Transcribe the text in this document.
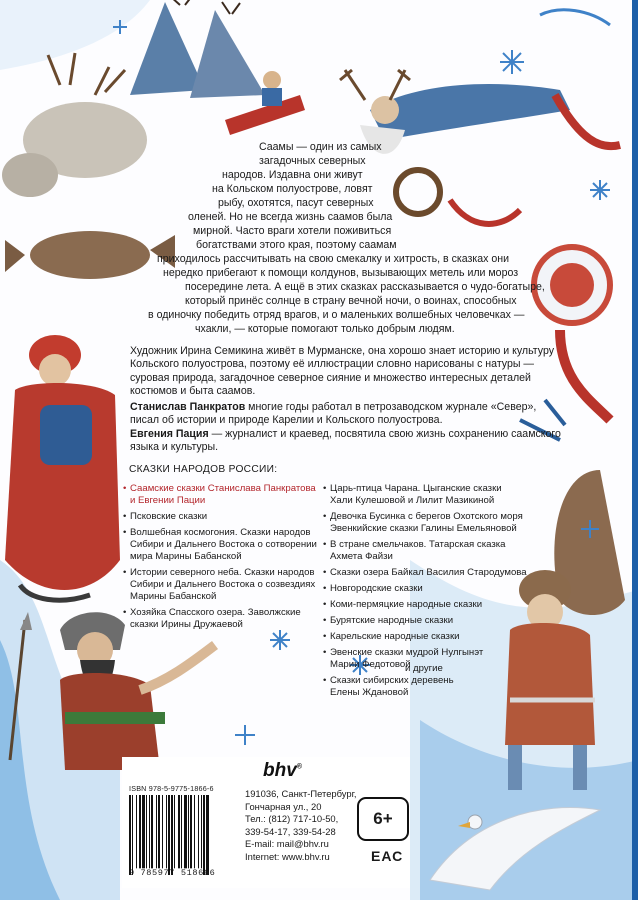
Саамы — один из самых
загадочных северных
народов. Издавна они живут
на Кольском полуострове, ловят
рыбу, охотятся, пасут северных
оленей. Но не всегда жизнь саамов была
мирной. Часто враги хотели поживиться
богатствами этого края, поэтому саамам
приходилось рассчитывать на свою смекалку и хитрость, в сказках они
нередко прибегают к помощи колдунов, вызывающих метель или мороз
посередине лета. А ещё в этих сказках рассказывается о чудо-богатыре,
который принёс солнце в страну вечной ночи, о воинах, способных
в одиночку победить отряд врагов, и о маленьких волшебных человечках —
чхакли, — которые помогают только добрым людям.
Художник Ирина Семикина живёт в Мурманске, она хорошо знает историю и культуру
Кольского полуострова, поэтому её иллюстрации словно нарисованы с натуры —
суровая природа, загадочное северное сияние и множество интересных деталей
костюмов и быта саамов.
Станислав Панкратов многие годы работал в петрозаводском журнале «Север»,
писал об истории и природе Карелии и Кольского полуострова.
Евгения Пация — журналист и краевед, посвятила свою жизнь сохранению саамского
языка и культуры.
СКАЗКИ НАРОДОВ РОССИИ:
• Саамские сказки Станислава Панкратова
и Евгении Пации
• Псковские сказки
• Волшебная космогония. Сказки народов
Сибири и Дальнего Востока о сотворении
мира Марины Бабанской
• Истории северного неба. Сказки народов
Сибири и Дальнего Востока о созвездиях
Марины Бабанской
• Хозяйка Спасского озера. Заволжские
сказки Ирины Дружаевой
• Царь-птица Чарана. Цыганские сказки
Хали Кулешовой и Лилит Мазикиной
• Девочка Бусинка с берегов Охотского моря
Эвенкийские сказки Галины Емельяновой
• В стране смельчаков. Татарская сказка
Ахмета Файзи
• Сказки озера Байкал Василия Стародумова
• Новгородские сказки
• Коми-пермяцкие народные сказки
• Бурятские народные сказки
• Карельские народные сказки
• Эвенские сказки мудрой Нулгынэт
Марии Федотовой
• Сказки сибирских деревень
Елены Ждановой
и другие
ISBN 978-5-9775-1866-6
9 785977 518666
bhv®
191036, Санкт-Петербург,
Гончарная ул., 20
Тел.: (812) 717-10-50,
339-54-17, 339-54-28
E-mail: mail@bhv.ru
Internet: www.bhv.ru
6+
ЕАС
